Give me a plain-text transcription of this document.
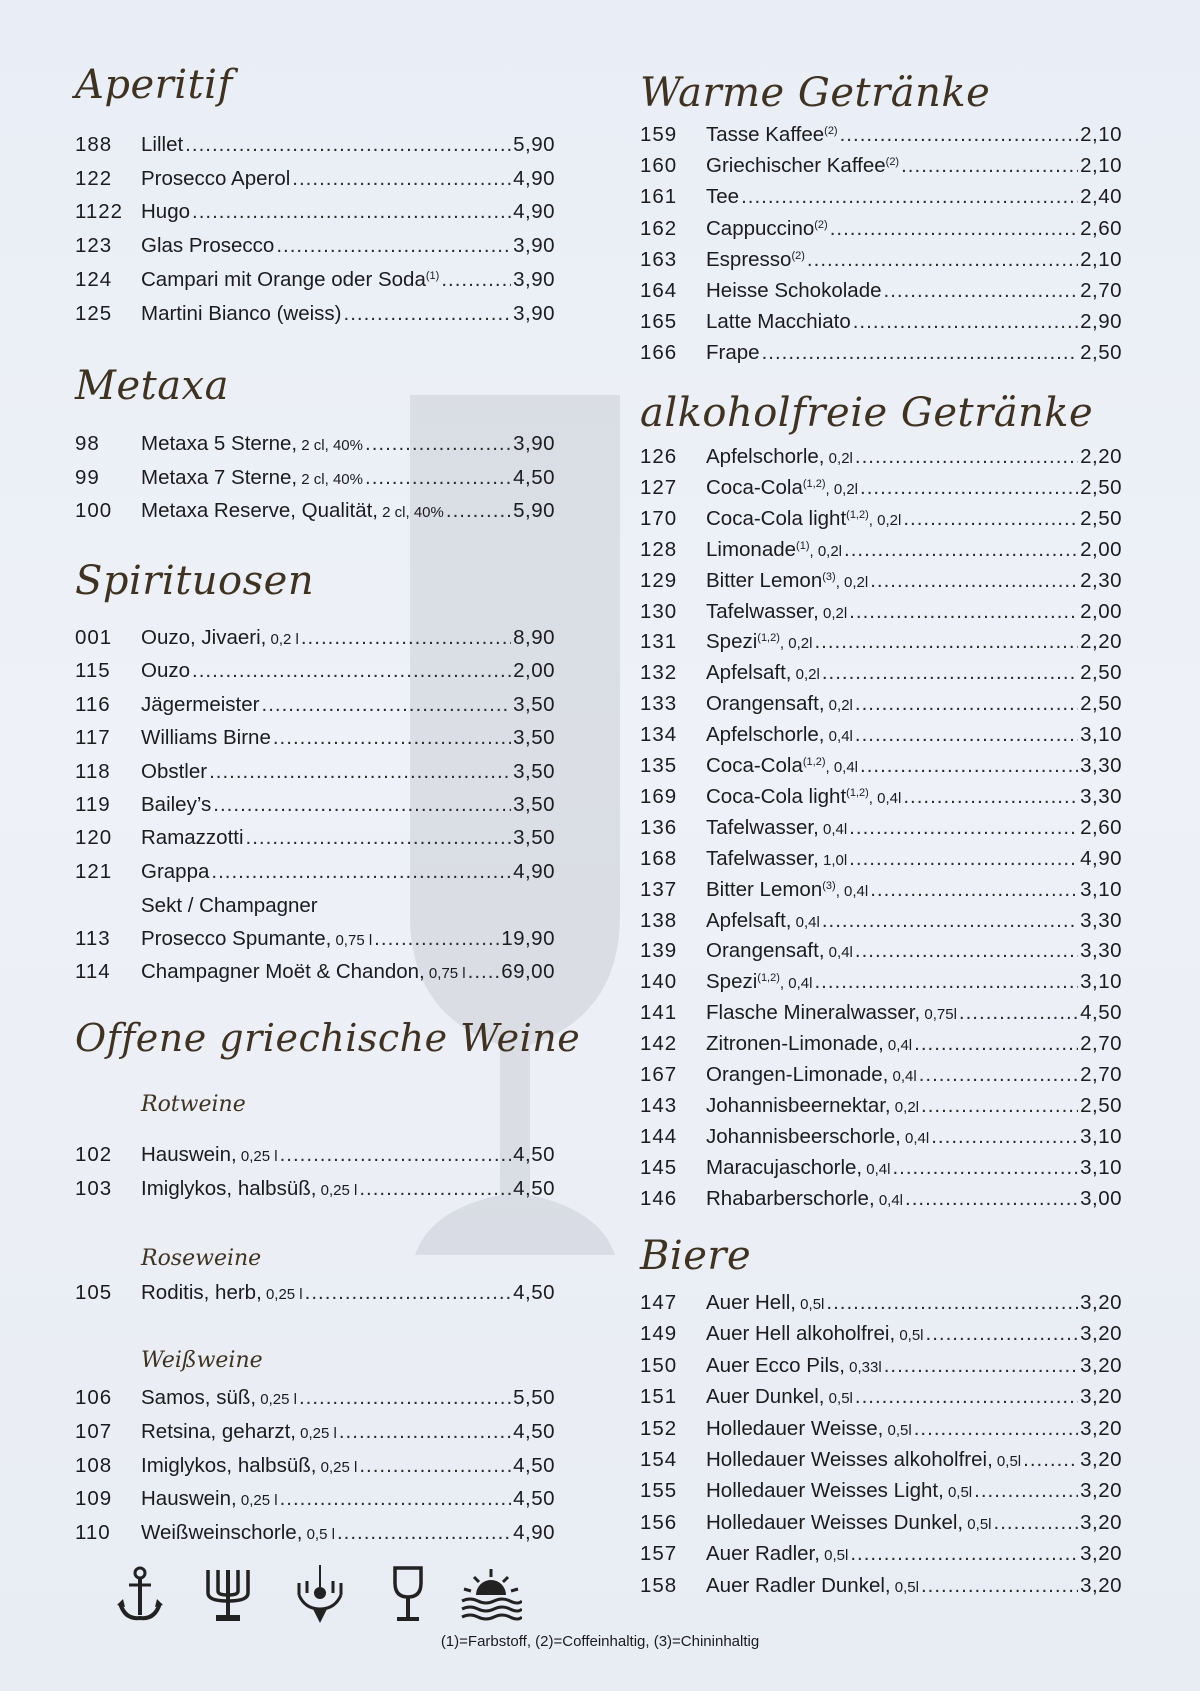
Aperitif
188	Lillet .....	5,90
122	Prosecco Aperol .....	4,90
1122 Hugo .....	4,90
123	Glas Prosecco .....	3,90
124	Campari mit Orange oder Soda$^{(1)}$ .....	3,90
125	Martini Bianco (weiss) .....	3,90
Metaxa
98	Metaxa 5 Sterne, 2 cl, 40% .....	3,90
99	Metaxa 7 Sterne, 2 cl, 40% .....	4,50
100	Metaxa Reserve, Qualität, 2 cl, 40% .....	5,90
Spirituosen
001	Ouzo, Jivaeri, 0,2 l .....	8,90
115	Ouzo .....	2,00
116	Jägermeister .....	3,50
117	Williams Birne .....	3,50
118	Obstler .....	3,50
119	Bailey’s .....	3,50
120	Ramazzotti .....	3,50
121	Grappa .....	4,90
Sekt / Champagner
113	Prosecco Spumante, 0,75 l .....	19,90
114	Champagner Moët & Chandon, 0,75 l ..... 69,00
Offene griechische Weine
Rotweine
102	Hauswein, 0,25 l .....	4,50
103	Imiglykos, halbsüß, 0,25 l .....	4,50
Roseweine
105	Roditis, herb, 0,25 l .....	4,50
Weißweine
106	Samos, süß, 0,25 l .....	5,50
107	Retsina, geharzt, 0,25 l .....	4,50
108	Imiglykos, halbsüß, 0,25 l .....	4,50
109	Hauswein, 0,25 l .....	4,50
110	Weißweinschorle, 0,5 l .....	4,90
Warme Getränke
159	Tasse Kaffee$^{(2)}$ .....	2,10
160	Griechischer Kaffee$^{(2)}$ .....	2,10
161	Tee .....	2,40
162	Cappuccino$^{(2)}$ .....	2,60
163	Espresso$^{(2)}$ .....	2,10
164	Heisse Schokolade .....	2,70
165	Latte Macchiato .....	2,90
166	Frape .....	2,50
alkoholfreie Getränke
126	Apfelschorle, 0,2l .....	2,20
127	Coca-Cola$^{(1,2)}$, 0,2l .....	2,50
170	Coca-Cola light$^{(1,2)}$, 0,2l .....	2,50
128	Limonade$^{(1)}$, 0,2l .....	2,00
129	Bitter Lemon$^{(3)}$, 0,2l .....	2,30
130	Tafelwasser, 0,2l .....	2,00
131	Spezi$^{(1,2)}$, 0,2l .....	2,20
132	Apfelsaft, 0,2l .....	2,50
133	Orangensaft, 0,2l .....	2,50
134	Apfelschorle, 0,4l .....	3,10
135	Coca-Cola$^{(1,2)}$, 0,4l .....	3,30
169	Coca-Cola light$^{(1,2)}$, 0,4l .....	3,30
136	Tafelwasser, 0,4l .....	2,60
168	Tafelwasser, 1,0l .....	4,90
137	Bitter Lemon$^{(3)}$, 0,4l .....	3,10
138	Apfelsaft, 0,4l .....	3,30
139	Orangensaft, 0,4l .....	3,30
140	Spezi$^{(1,2)}$, 0,4l .....	3,10
141	Flasche Mineralwasser, 0,75l .....	4,50
142	Zitronen-Limonade, 0,4l .....	2,70
167	Orangen-Limonade, 0,4l .....	2,70
143	Johannisbeernektar, 0,2l .....	2,50
144	Johannisbeerschorle, 0,4l .....	3,10
145	Maracujaschorle, 0,4l .....	3,10
146	Rhabarberschorle, 0,4l .....	3,00
Biere
147	Auer Hell, 0,5l .....	3,20
149	Auer Hell alkoholfrei, 0,5l .....	3,20
150	Auer Ecco Pils, 0,33l .....	3,20
151	Auer Dunkel, 0,5l .....	3,20
152	Holledauer Weisse, 0,5l .....	3,20
154	Holledauer Weisses alkoholfrei, 0,5l .....	3,20
155	Holledauer Weisses Light, 0,5l .....	3,20
156	Holledauer Weisses Dunkel, 0,5l .....	3,20
157	Auer Radler, 0,5l .....	3,20
158	Auer Radler Dunkel, 0,5l .....	3,20
(1)=Farbstoff, (2)=Coffeinhaltig, (3)=Chininhaltig
